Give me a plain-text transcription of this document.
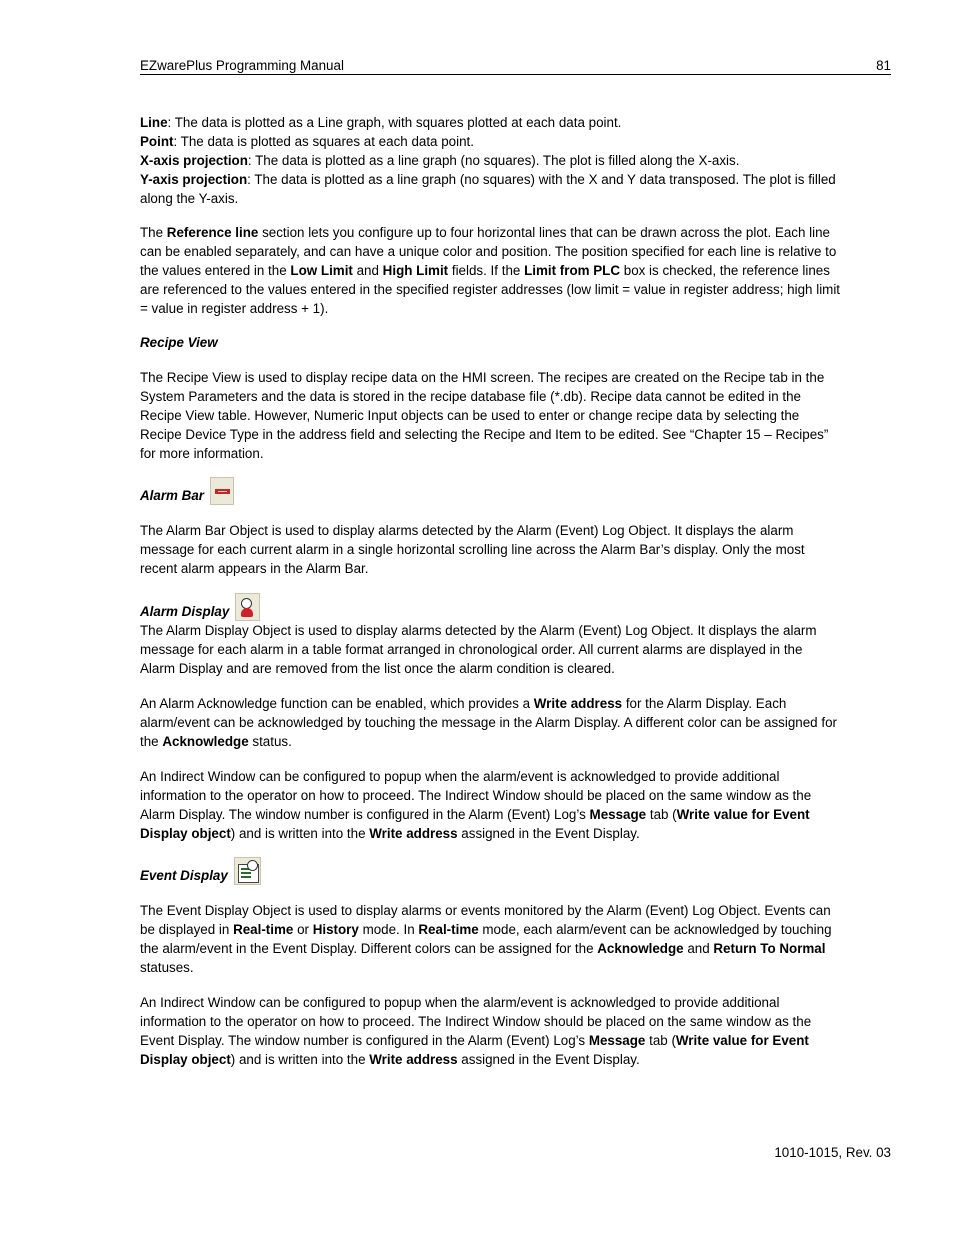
EZwarePlus Programming Manual	81

Line: The data is plotted as a Line graph, with squares plotted at each data point.

Point: The data is plotted as squares at each data point.

X-axis projection: The data is plotted as a line graph (no squares). The plot is filled along the X-axis.

Y-axis projection: The data is plotted as a line graph (no squares) with the X and Y data transposed. The plot is filled along the Y-axis.

The Reference line section lets you configure up to four horizontal lines that can be drawn across the plot. Each line can be enabled separately, and can have a unique color and position. The position specified for each line is relative to the values entered in the Low Limit and High Limit fields. If the Limit from PLC box is checked, the reference lines are referenced to the values entered in the specified register addresses (low limit = value in register address; high limit = value in register address + 1).

Recipe View

The Recipe View is used to display recipe data on the HMI screen. The recipes are created on the Recipe tab in the System Parameters and the data is stored in the recipe database file (*.db). Recipe data cannot be edited in the Recipe View table. However, Numeric Input objects can be used to enter or change recipe data by selecting the Recipe Device Type in the address field and selecting the Recipe and Item to be edited. See “Chapter 15 – Recipes” for more information.

Alarm Bar

The Alarm Bar Object is used to display alarms detected by the Alarm (Event) Log Object. It displays the alarm message for each current alarm in a single horizontal scrolling line across the Alarm Bar’s display. Only the most recent alarm appears in the Alarm Bar.

Alarm Display

The Alarm Display Object is used to display alarms detected by the Alarm (Event) Log Object. It displays the alarm message for each alarm in a table format arranged in chronological order. All current alarms are displayed in the Alarm Display and are removed from the list once the alarm condition is cleared.

An Alarm Acknowledge function can be enabled, which provides a Write address for the Alarm Display. Each alarm/event can be acknowledged by touching the message in the Alarm Display. A different color can be assigned for the Acknowledge status.

An Indirect Window can be configured to popup when the alarm/event is acknowledged to provide additional information to the operator on how to proceed. The Indirect Window should be placed on the same window as the Alarm Display. The window number is configured in the Alarm (Event) Log’s Message tab (Write value for Event Display object) and is written into the Write address assigned in the Event Display.

Event Display

The Event Display Object is used to display alarms or events monitored by the Alarm (Event) Log Object. Events can be displayed in Real-time or History mode. In Real-time mode, each alarm/event can be acknowledged by touching the alarm/event in the Event Display. Different colors can be assigned for the Acknowledge and Return To Normal statuses.

An Indirect Window can be configured to popup when the alarm/event is acknowledged to provide additional information to the operator on how to proceed. The Indirect Window should be placed on the same window as the Event Display. The window number is configured in the Alarm (Event) Log’s Message tab (Write value for Event Display object) and is written into the Write address assigned in the Event Display.

1010-1015, Rev. 03
